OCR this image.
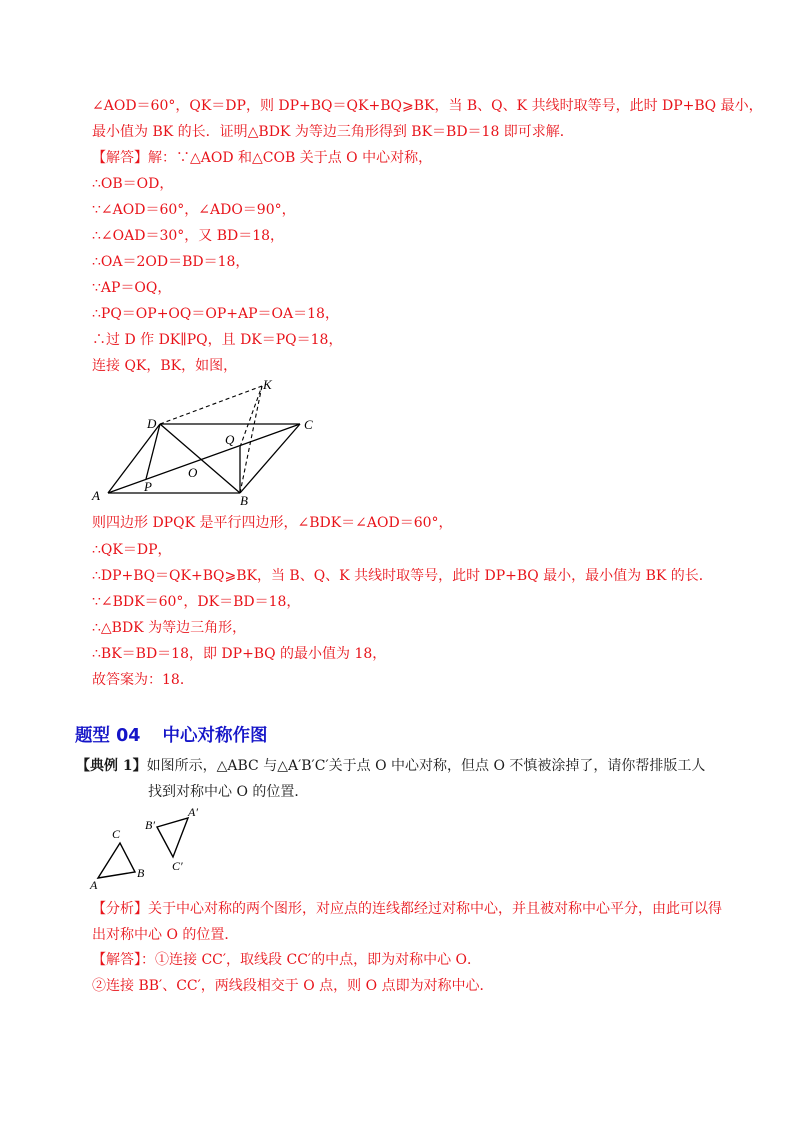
∠AOD＝60°，QK＝DP，则 DP+BQ＝QK+BQ⩾BK，当 B、Q、K 共线时取等号，此时 DP+BQ 最小，
最小值为 BK 的长．证明△BDK 为等边三角形得到 BK＝BD＝18 即可求解．
【解答】解：∵△AOD 和△COB 关于点 O 中心对称，
∴OB＝OD，
∵∠AOD＝60°，∠ADO＝90°，
∴∠OAD＝30°，又 BD＝18，
∴OA＝2OD＝BD＝18，
∵AP＝OQ，
∴PQ＝OP+OQ＝OP+AP＝OA＝18，
∴过 D 作 DK∥PQ，且 DK＝PQ＝18，
连接 QK，BK，如图，
K
D	C
Q
O
A
P
B
则四边形 DPQK 是平行四边形，∠BDK＝∠AOD＝60°，
∴QK＝DP，
∴DP+BQ＝QK+BQ⩾BK，当 B、Q、K 共线时取等号，此时 DP+BQ 最小，最小值为 BK 的长．
∵∠BDK＝60°，DK＝BD＝18，
∴△BDK 为等边三角形，
∴BK＝BD＝18，即 DP+BQ 的最小值为 18，
故答案为：18．
题型 04 中心对称作图
【典例 1】如图所示，△ABC 与△A′B′C′关于点 O 中心对称，但点 O 不慎被涂掉了，请你帮排版工人
找到对称中心 O 的位置．
C
A
B
B′
A′
C′
【分析】关于中心对称的两个图形，对应点的连线都经过对称中心，并且被对称中心平分，由此可以得
出对称中心 O 的位置．
【解答】：①连接 CC′，取线段 CC′的中点，即为对称中心 O．
②连接 BB′、CC′，两线段相交于 O 点，则 O 点即为对称中心．
